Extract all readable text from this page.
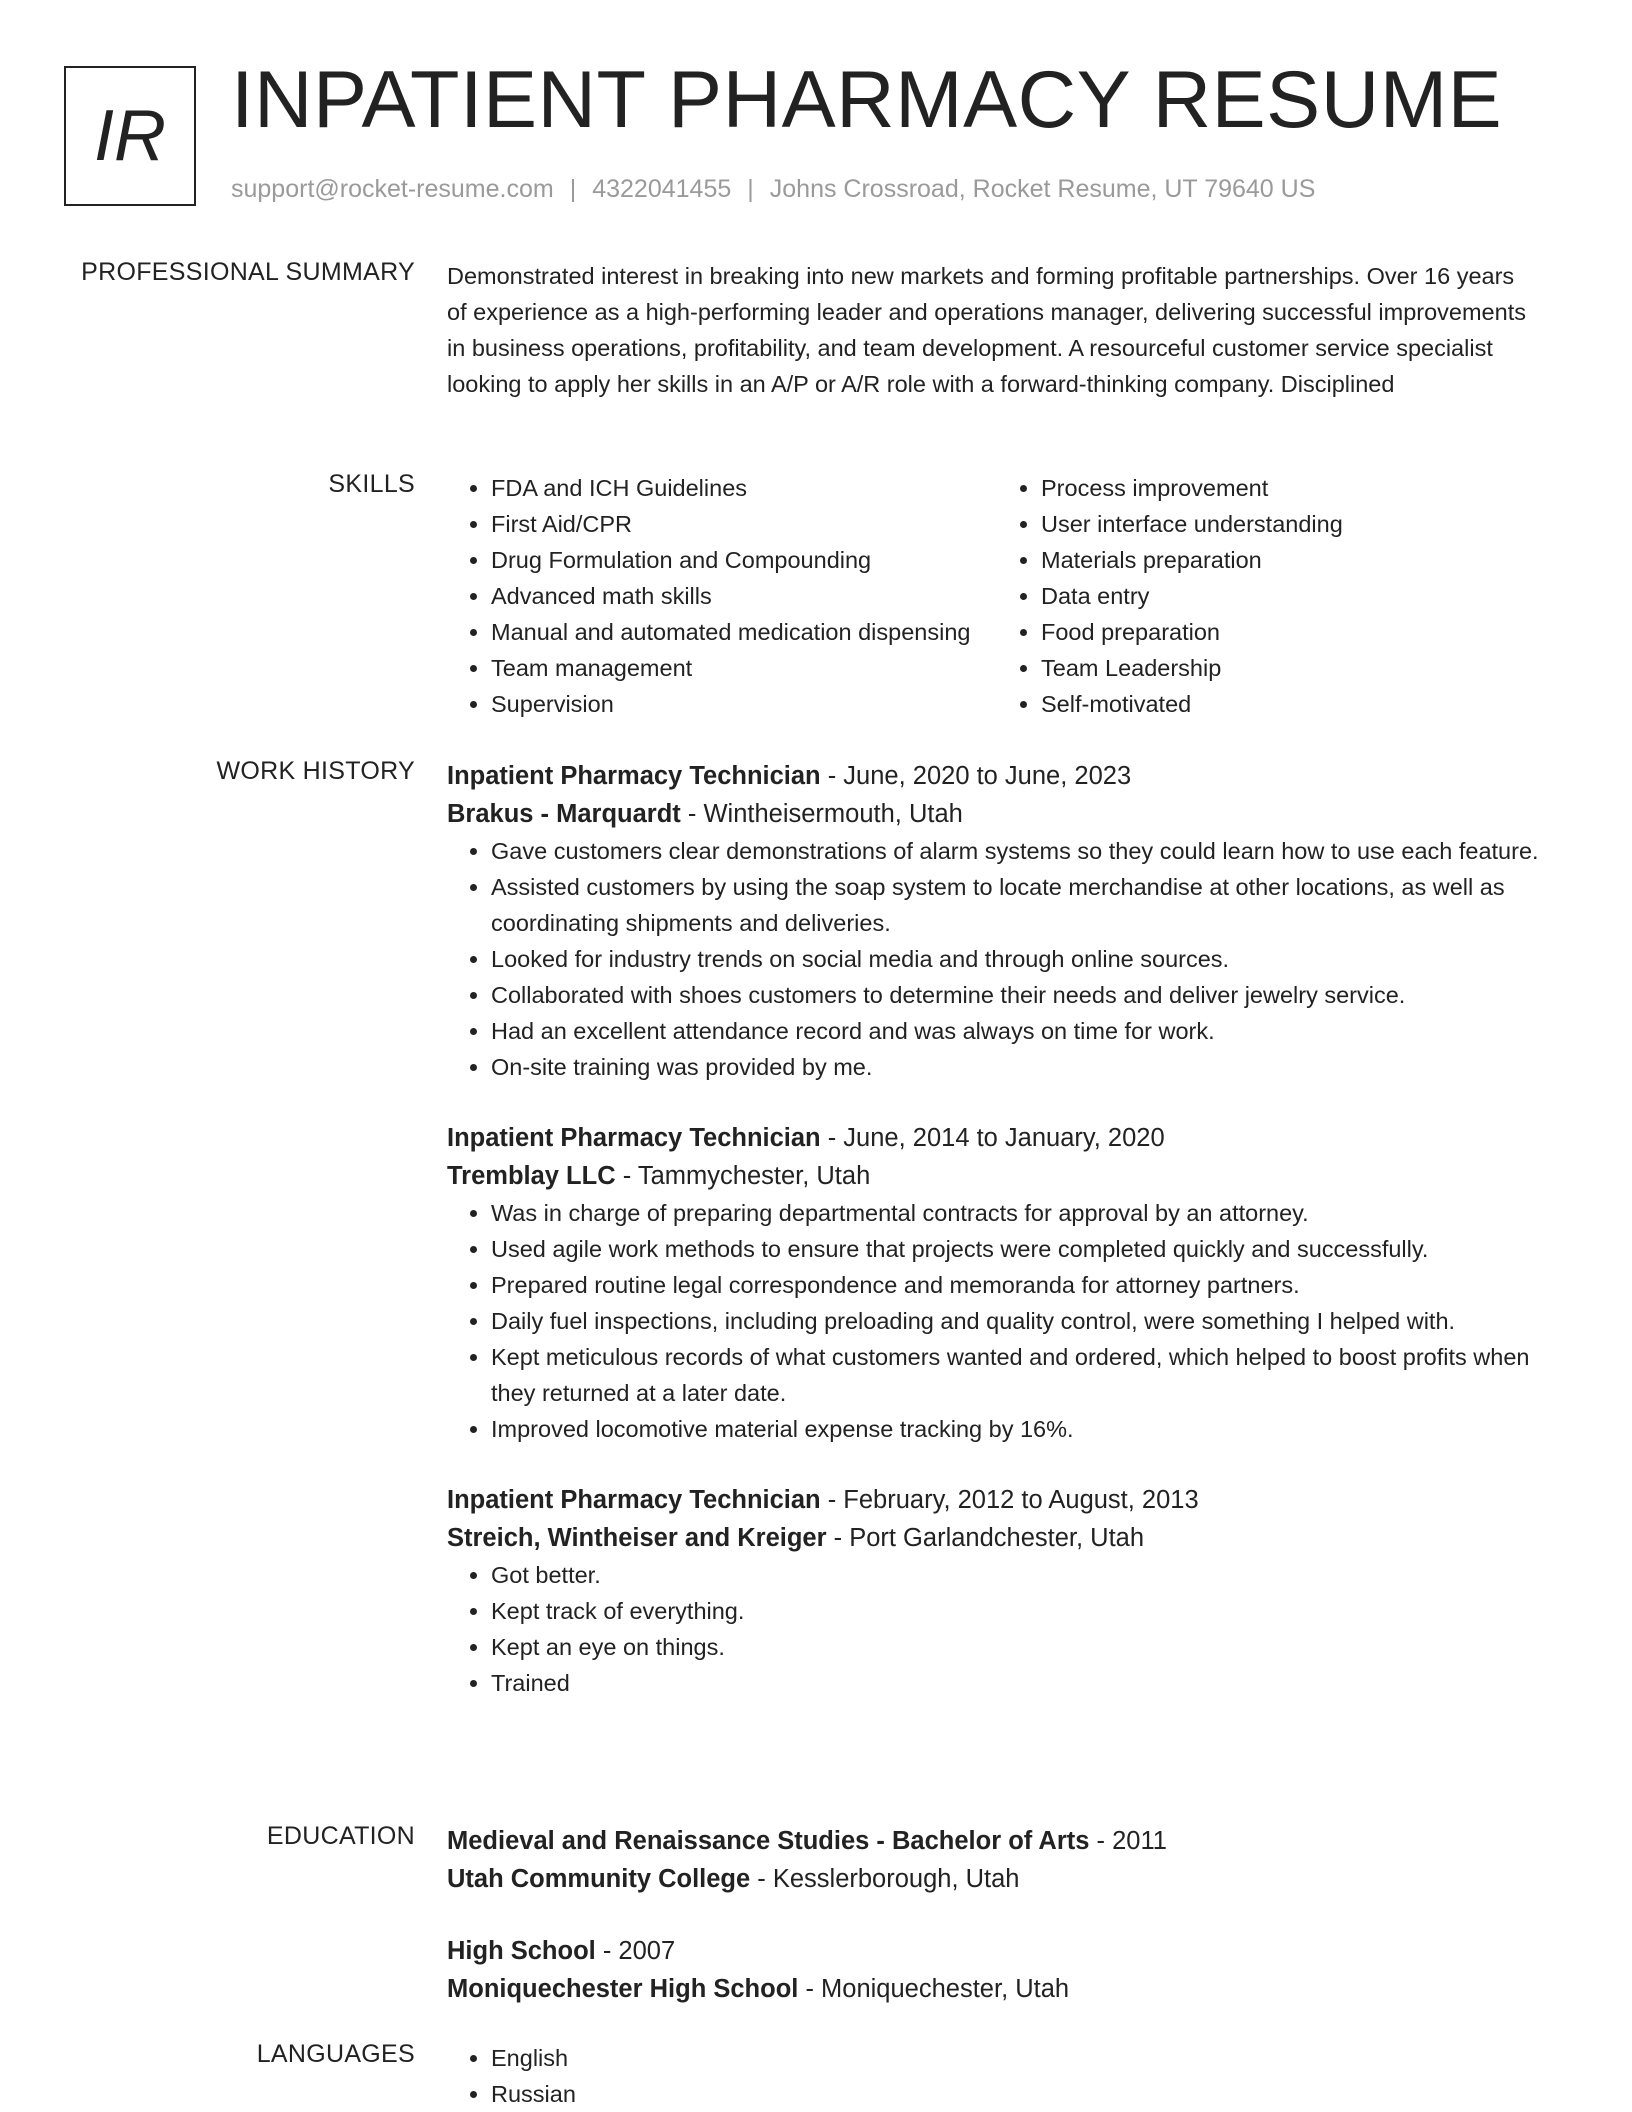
IR INPATIENT PHARMACY RESUME
support@rocket-resume.com | 4322041455 | Johns Crossroad, Rocket Resume, UT 79640 US
PROFESSIONAL SUMMARY Demonstrated interest in breaking into new markets and forming profitable partnerships. Over 16 years of experience as a high-performing leader and operations manager, delivering successful improvements in business operations, profitability, and team development. A resourceful customer service specialist looking to apply her skills in an A/P or A/R role with a forward-thinking company. Disciplined

SKILLS	• FDA and ICH Guidelines
• First Aid/CPR
• Drug Formulation and Compounding
• Advanced math skills
• Manual and automated medication dispensing
• Team management
• Supervision
• Process improvement
• User interface understanding
• Materials preparation
• Data entry
• Food preparation
• Team Leadership
• Self-motivated
WORK HISTORY Inpatient Pharmacy Technician - June, 2020 to June, 2023
Brakus - Marquardt - Wintheisermouth, Utah
• Gave customers clear demonstrations of alarm systems so they could learn how to use each feature.
• Assisted customers by using the soap system to locate merchandise at other locations, as well as coordinating shipments and deliveries.
• Looked for industry trends on social media and through online sources.
• Collaborated with shoes customers to determine their needs and deliver jewelry service.
• Had an excellent attendance record and was always on time for work.
• On-site training was provided by me.
Inpatient Pharmacy Technician - June, 2014 to January, 2020
Tremblay LLC - Tammychester, Utah
• Was in charge of preparing departmental contracts for approval by an attorney.
• Used agile work methods to ensure that projects were completed quickly and successfully.
• Prepared routine legal correspondence and memoranda for attorney partners.
• Daily fuel inspections, including preloading and quality control, were something I helped with.
• Kept meticulous records of what customers wanted and ordered, which helped to boost profits when they returned at a later date.
• Improved locomotive material expense tracking by 16%.
Inpatient Pharmacy Technician - February, 2012 to August, 2013
Streich, Wintheiser and Kreiger - Port Garlandchester, Utah
• Got better.
• Kept track of everything.
• Kept an eye on things.
• Trained
EDUCATION Medieval and Renaissance Studies - Bachelor of Arts - 2011
Utah Community College - Kesslerborough, Utah
High School - 2007
Moniquechester High School - Moniquechester, Utah
LANGUAGES	• English
• Russian
